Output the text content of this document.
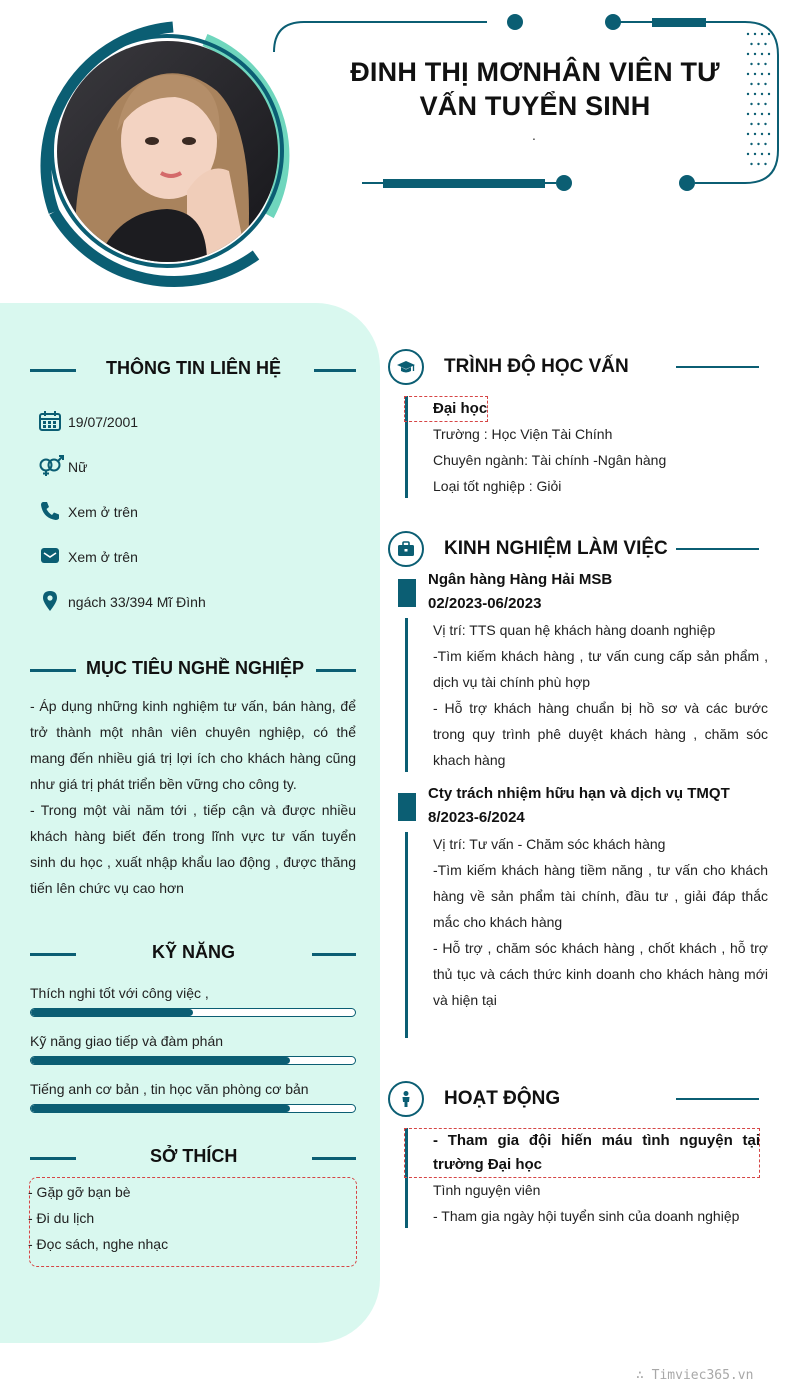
ĐINH THỊ MƠNHÂN VIÊN TƯ VẤN TUYỂN SINH
.
THÔNG TIN LIÊN HỆ
19/07/2001
Nữ
Xem ở trên
Xem ở trên
ngách 33/394 Mĩ Đình
MỤC TIÊU NGHỀ NGHIỆP
- Áp dụng những kinh nghiệm tư vấn, bán hàng, để trở thành một nhân viên chuyên nghiệp, có thể mang đến nhiều giá trị lợi ích cho khách hàng cũng như giá trị phát triển bền vững cho công ty.
- Trong một vài năm tới , tiếp cận và được nhiều khách hàng biết đến trong lĩnh vực tư vấn tuyển sinh du học , xuất nhập khẩu lao động , được thăng tiến lên chức vụ cao hơn
KỸ NĂNG
Thích nghi tốt với công việc ,
Kỹ năng giao tiếp và đàm phán
Tiếng anh cơ bản , tin học văn phòng cơ bản
SỞ THÍCH
- Gặp gỡ bạn bè
- Đi du lịch
- Đọc sách, nghe nhạc
TRÌNH ĐỘ HỌC VẤN
Đại học
Trường : Học Viện Tài Chính
Chuyên ngành: Tài chính -Ngân hàng
Loại tốt nghiệp : Giỏi
KINH NGHIỆM LÀM VIỆC
Ngân hàng Hàng Hải MSB
02/2023-06/2023
Vị trí: TTS quan hệ khách hàng doanh nghiệp
-Tìm kiếm khách hàng , tư vấn cung cấp sản phẩm , dịch vụ tài chính phù hợp
- Hỗ trợ khách hàng chuẩn bị hồ sơ và các bước trong quy trình phê duyệt khách hàng , chăm sóc khach hàng
Cty trách nhiệm hữu hạn và dịch vụ TMQT
8/2023-6/2024
Vị trí: Tư vấn - Chăm sóc khách hàng
-Tìm kiếm khách hàng tiềm năng , tư vấn cho khách hàng về sản phẩm tài chính, đầu tư , giải đáp thắc mắc cho khách hàng
- Hỗ trợ , chăm sóc khách hàng , chốt khách , hỗ trợ thủ tục và cách thức kinh doanh cho khách hàng mới và hiện tại
HOẠT ĐỘNG
- Tham gia đội hiến máu tình nguyện tại trường Đại học
Tình nguyện viên
- Tham gia ngày hội tuyển sinh của doanh nghiệp
∴ Timviec365.vn
